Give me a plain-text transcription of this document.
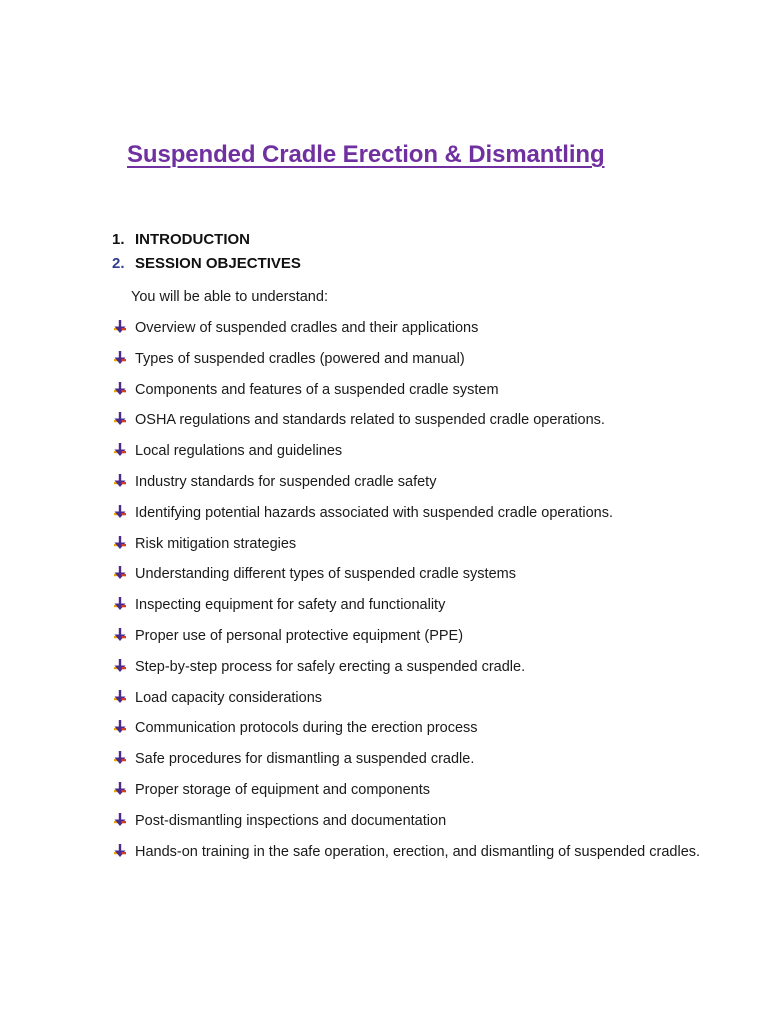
Suspended Cradle Erection & Dismantling
1. INTRODUCTION
2. SESSION OBJECTIVES

You will be able to understand:

Overview of suspended cradles and their applications
Types of suspended cradles (powered and manual)
Components and features of a suspended cradle system
OSHA regulations and standards related to suspended cradle operations.
Local regulations and guidelines
Industry standards for suspended cradle safety
Identifying potential hazards associated with suspended cradle operations.
Risk mitigation strategies
Understanding different types of suspended cradle systems
Inspecting equipment for safety and functionality
Proper use of personal protective equipment (PPE)
Step-by-step process for safely erecting a suspended cradle.
Load capacity considerations
Communication protocols during the erection process
Safe procedures for dismantling a suspended cradle.
Proper storage of equipment and components
Post-dismantling inspections and documentation
Hands-on training in the safe operation, erection, and dismantling of suspended cradles.
